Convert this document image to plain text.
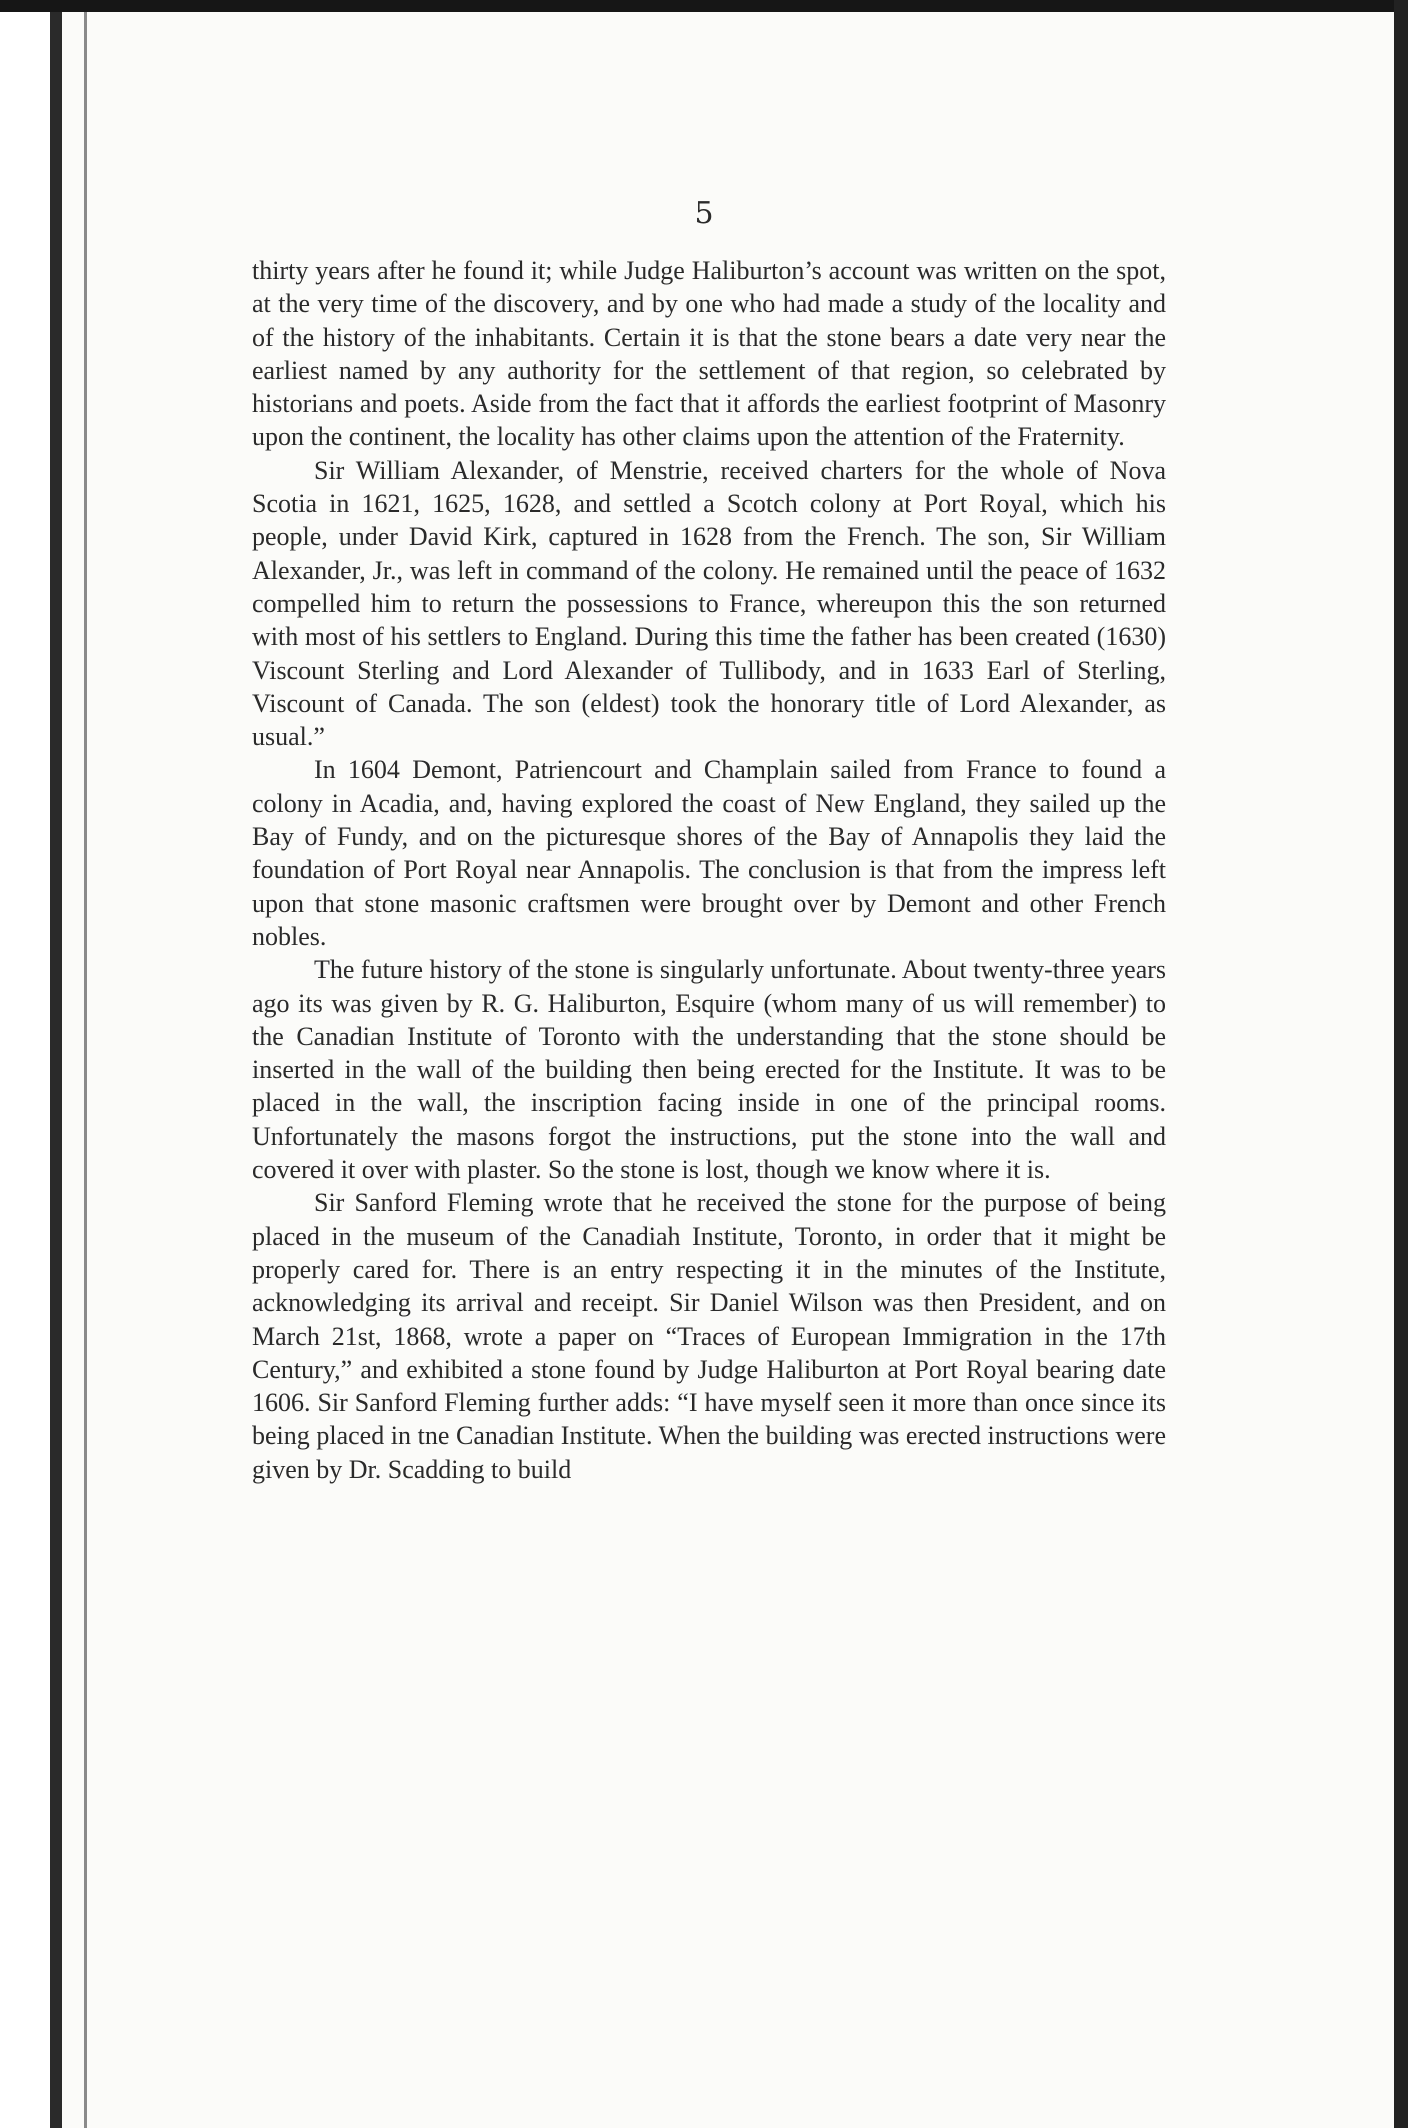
5

thirty years after he found it; while Judge Haliburton’s account was written on the spot, at the very time of the discovery, and by one who had made a study of the locality and of the history of the inhabitants. Certain it is that the stone bears a date very near the earliest named by any authority for the settlement of that region, so celebrated by historians and poets. Aside from the fact that it affords the earliest footprint of Masonry upon the continent, the locality has other claims upon the attention of the Fraternity.

Sir William Alexander, of Menstrie, received charters for the whole of Nova Scotia in 1621, 1625, 1628, and settled a Scotch colony at Port Royal, which his people, under David Kirk, captured in 1628 from the French. The son, Sir William Alexander, Jr., was left in command of the colony. He remained until the peace of 1632 compelled him to return the possessions to France, whereupon this the son returned with most of his settlers to England. During this time the father has been created (1630) Viscount Sterling and Lord Alexander of Tullibody, and in 1633 Earl of Sterling, Viscount of Canada. The son (eldest) took the honorary title of Lord Alexander, as usual.”

In 1604 Demont, Patriencourt and Champlain sailed from France to found a colony in Acadia, and, having explored the coast of New England, they sailed up the Bay of Fundy, and on the picturesque shores of the Bay of Annapolis they laid the foundation of Port Royal near Annapolis. The conclusion is that from the impress left upon that stone masonic craftsmen were brought over by Demont and other French nobles.

The future history of the stone is singularly unfortunate. About twenty-three years ago its was given by R. G. Haliburton, Esquire (whom many of us will remember) to the Canadian Institute of Toronto with the understanding that the stone should be inserted in the wall of the building then being erected for the Institute. It was to be placed in the wall, the inscription facing inside in one of the principal rooms. Unfortunately the masons forgot the instructions, put the stone into the wall and covered it over with plaster. So the stone is lost, though we know where it is.

Sir Sanford Fleming wrote that he received the stone for the purpose of being placed in the museum of the Canadiah Institute, Toronto, in order that it might be properly cared for. There is an entry respecting it in the minutes of the Institute, acknowledging its arrival and receipt. Sir Daniel Wilson was then President, and on March 21st, 1868, wrote a paper on “Traces of European Immigration in the 17th Century,” and exhibited a stone found by Judge Haliburton at Port Royal bearing date 1606. Sir Sanford Fleming further adds: “I have myself seen it more than once since its being placed in tne Canadian Institute. When the building was erected instructions were given by Dr. Scadding to build
